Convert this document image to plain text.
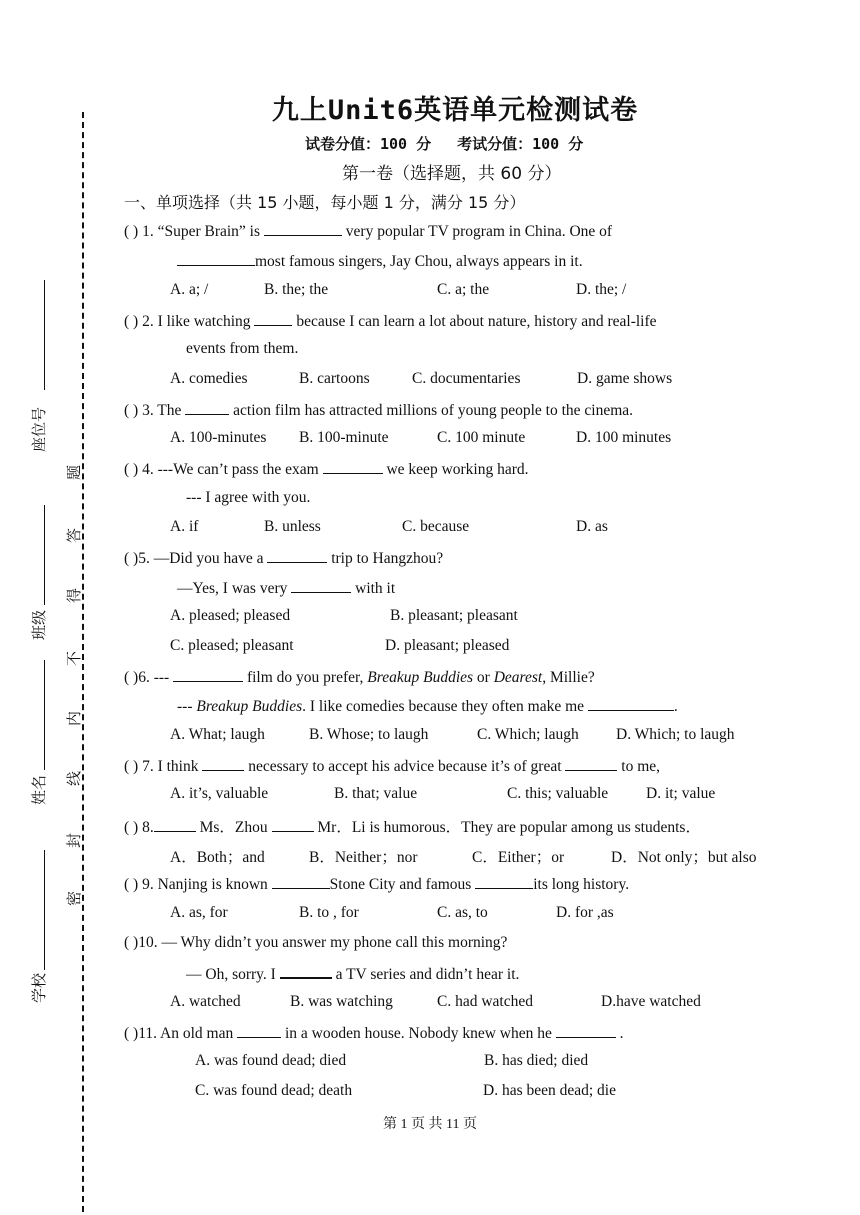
座位号
班级
姓名
学校
题
答
得
不
内
线
封
密
九上Unit6英语单元检测试卷
试卷分值：100 分 考试分值：100 分
第一卷（选择题，共 60 分）
一、单项选择（共 15 小题，每小题 1 分，满分 15 分）
( ) 1. “Super Brain” is	very popular TV program in China. One of
most famous singers, Jay Chou, always appears in it.
A. a; /	B. the; the	C. a; the	D. the; /
( ) 2. I like watching  because I can learn a lot about nature, history and real-life
events from them.
A. comedies	B. cartoons	C. documentaries	D. game shows
( ) 3. The	action film has attracted millions of young people to the cinema.
A. 100-minutes B. 100-minute	C. 100 minute	D. 100 minutes
( ) 4. ---We can’t pass the exam	we keep working hard.
--- I agree with you.
A. if	B. unless	C. because	D. as
( )5. —Did you have a	trip to Hangzhou?
—Yes, I was very	with it
A. pleased; pleased	B. pleasant; pleasant
C. pleased; pleasant	D. pleasant; pleased
( )6. ---	film do you prefer, Breakup Buddies or Dearest, Millie?
--- Breakup Buddies. I like comedies because they often make me	.
A. What; laugh	B. Whose; to laugh	C. Which; laugh D. Which; to laugh
( ) 7. I think	necessary to accept his advice because it’s of great	to me,
A. it’s, valuable	B. that; value	C. this; valuable D. it; value
( ) 8.	Ms．Zhou	Mr．Li is humorous．They are popular among us students．
A．Both；and	B．Neither；nor	C．Either；or	D．Not only；but also
( ) 9. Nanjing is known	Stone City and famous	its long history.
A. as, for	B. to , for	C. as, to	D. for ,as
( )10. — Why didn’t you answer my phone call this morning?
— Oh, sorry. I	a TV series and didn’t hear it.
A. watched	B. was watching	C. had watched	D.have watched
( )11. An old man	in a wooden house. Nobody knew when he	.
A. was found dead; died	B. has died; died
C. was found dead; death	D. has been dead; die
第 1 页 共 11 页
